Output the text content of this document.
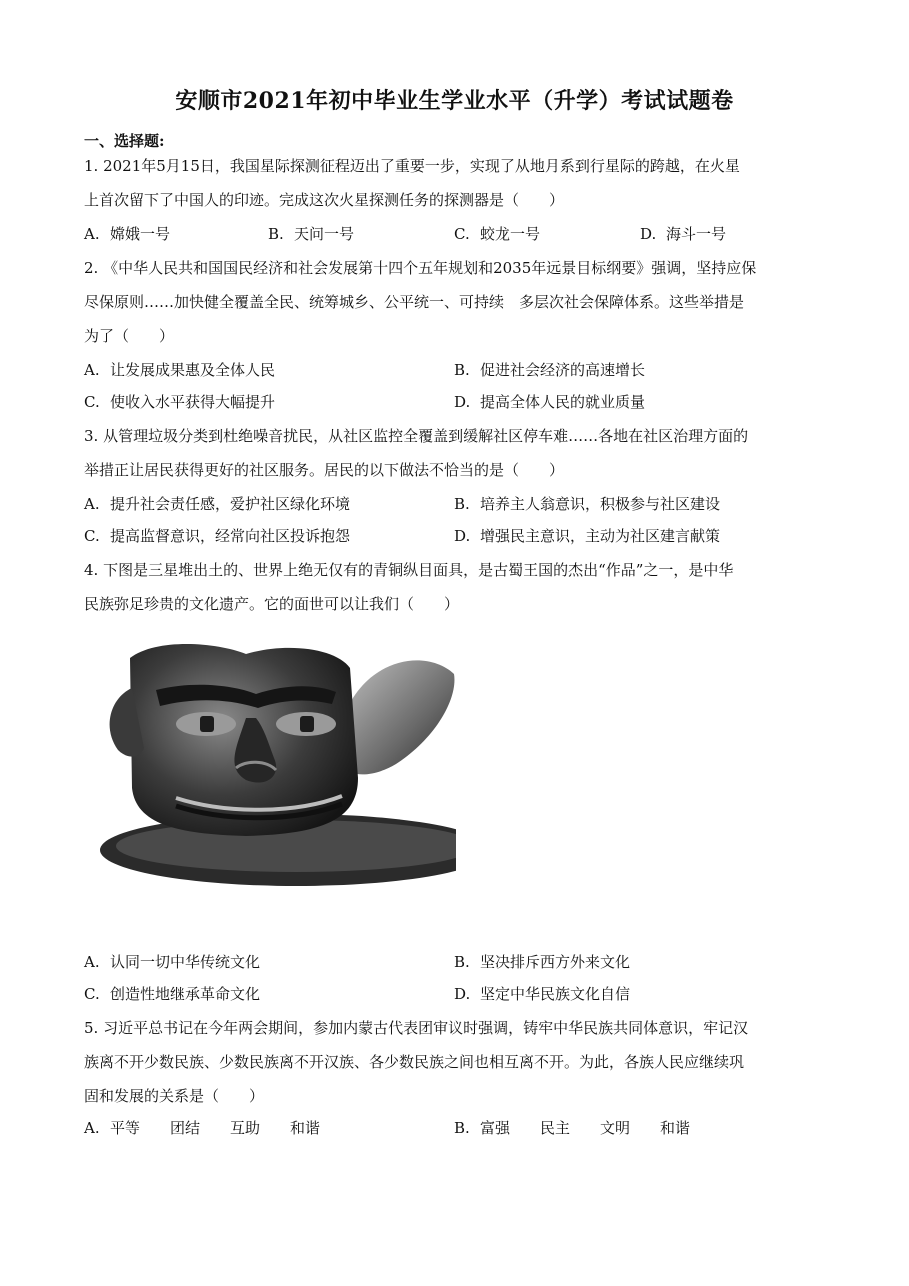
安顺市2021年初中毕业生学业水平（升学）考试试题卷
一、选择题:
1. 2021年5月15日，我国星际探测征程迈出了重要一步，实现了从地月系到行星际的跨越，在火星
上首次留下了中国人的印迹。完成这次火星探测任务的探测器是（　　）
A. 嫦娥一号	B. 天问一号	C. 蛟龙一号	D. 海斗一号
2. 《中华人民共和国国民经济和社会发展第十四个五年规划和2035年远景目标纲要》强调，坚持应保
尽保原则……加快健全覆盖全民、统筹城乡、公平统一、可持续　多层次社会保障体系。这些举措是
为了（　　）
A. 让发展成果惠及全体人民	B. 促进社会经济的高速增长
C. 使收入水平获得大幅提升	D. 提高全体人民的就业质量
3. 从管理垃圾分类到杜绝噪音扰民，从社区监控全覆盖到缓解社区停车难……各地在社区治理方面的
举措正让居民获得更好的社区服务。居民的以下做法不恰当的是（　　）
A. 提升社会责任感，爱护社区绿化环境	B. 培养主人翁意识，积极参与社区建设
C. 提高监督意识，经常向社区投诉抱怨	D. 增强民主意识，主动为社区建言献策
4. 下图是三星堆出土的、世界上绝无仅有的青铜纵目面具，是古蜀王国的杰出“作品”之一，是中华
民族弥足珍贵的文化遗产。它的面世可以让我们（　　）
A. 认同一切中华传统文化	B. 坚决排斥西方外来文化
C. 创造性地继承革命文化	D. 坚定中华民族文化自信
5. 习近平总书记在今年两会期间，参加内蒙古代表团审议时强调，铸牢中华民族共同体意识，牢记汉
族离不开少数民族、少数民族离不开汉族、各少数民族之间也相互离不开。为此，各族人民应继续巩
固和发展的关系是（　　）
A. 平等　　团结　　互助　　和谐	B. 富强　　民主　　文明　　和谐
